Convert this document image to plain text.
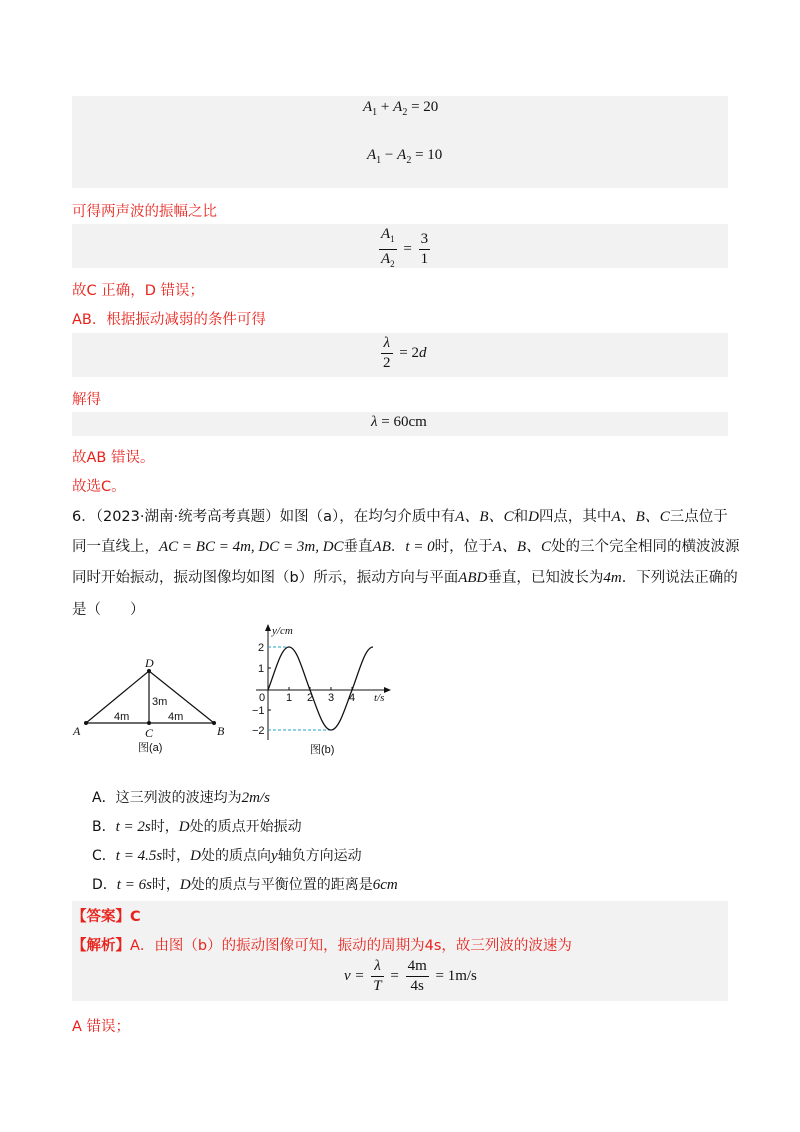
$A_1 + A_2 = 20$
$A_1 - A_2 = 10$
可得两声波的振幅之比
$\frac{A_1}{A_2} = \frac{3}{1}$
故C 正确，D 错误；
AB．根据振动减弱的条件可得
$\frac{\lambda}{2} = 2d$
解得
λ = 60cm
故AB 错误。
故选C。
6．（2023·湖南·统考高考真题）如图（a），在均匀介质中有A、B、C和D四点，其中A、B、C三点位于
同一直线上，AC = BC = 4m, DC = 3m, DC垂直AB．t = 0时，位于A、B、C处的三个完全相同的横波波源
同时开始振动，振动图像均如图（b）所示，振动方向与平面ABD垂直，已知波长为4m．下列说法正确的
是（　　）
A	B
C
D
4m	4m
3m
图(a)
y/cm
t/s
2
1
−1
−2
0 1 2 3 4
图(b)
A．这三列波的波速均为2m/s
B．t = 2s时，D处的质点开始振动
C．t = 4.5s时，D处的质点向y轴负方向运动
D．t = 6s时，D处的质点与平衡位置的距离是6cm
【答案】C
【解析】A．由图（b）的振动图像可知，振动的周期为4s，故三列波的波速为
$v = \frac{\lambda}{T} = \frac{4m}{4s} = 1m/s$
A 错误；
